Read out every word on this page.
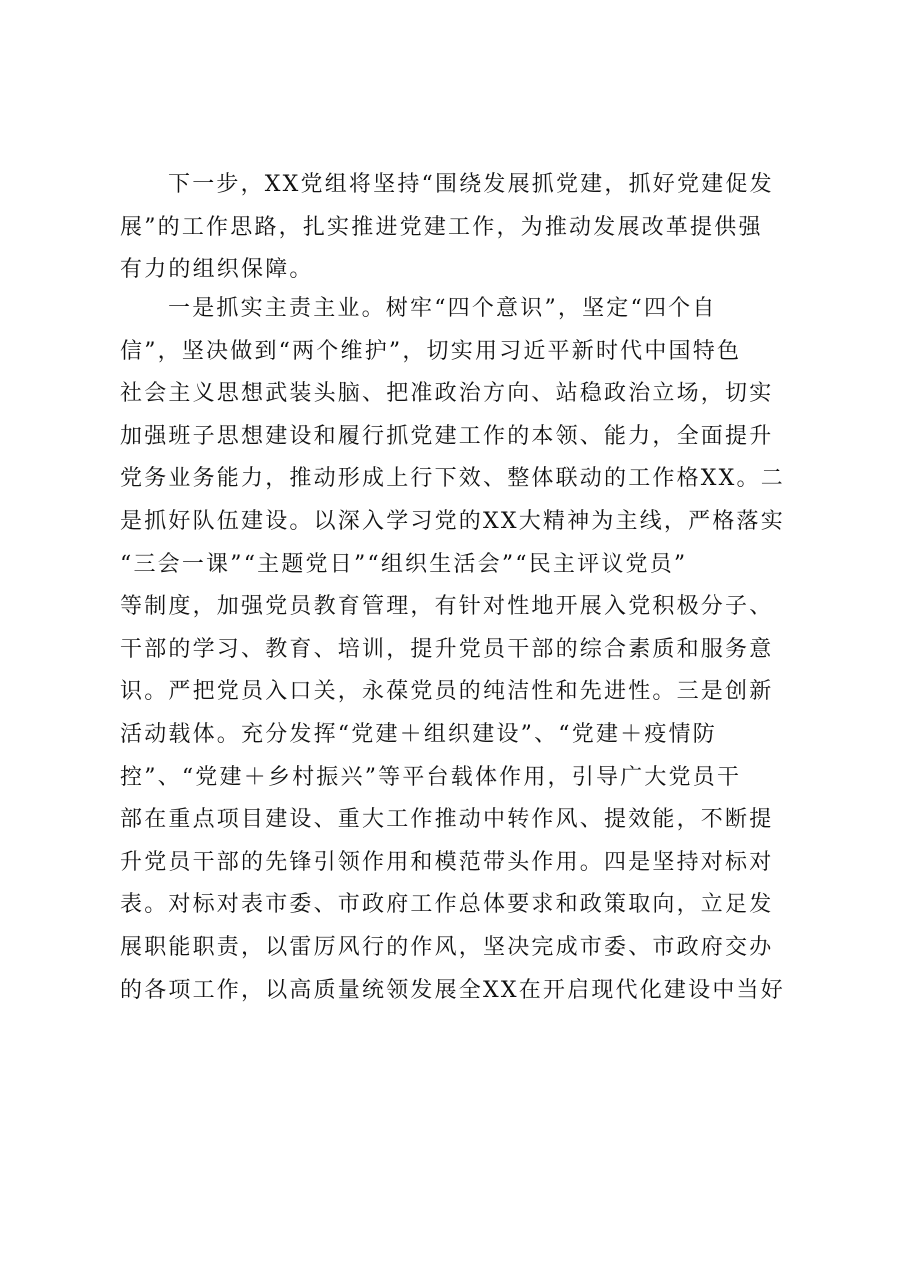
下一步，XX党组将坚持“围绕发展抓党建，抓好党建促发
展”的工作思路，扎实推进党建工作，为推动发展改革提供强
有力的组织保障。
一是抓实主责主业。树牢“四个意识”，坚定“四个自
信”，坚决做到“两个维护”，切实用习近平新时代中国特色
社会主义思想武装头脑、把准政治方向、站稳政治立场，切实
加强班子思想建设和履行抓党建工作的本领、能力，全面提升
党务业务能力，推动形成上行下效、整体联动的工作格XX。二
是抓好队伍建设。以深入学习党的XX大精神为主线，严格落实
“三会一课”“主题党日”“组织生活会”“民主评议党员”
等制度，加强党员教育管理，有针对性地开展入党积极分子、
干部的学习、教育、培训，提升党员干部的综合素质和服务意
识。严把党员入口关，永葆党员的纯洁性和先进性。三是创新
活动载体。充分发挥“党建＋组织建设”、“党建＋疫情防
控”、“党建＋乡村振兴”等平台载体作用，引导广大党员干
部在重点项目建设、重大工作推动中转作风、提效能，不断提
升党员干部的先锋引领作用和模范带头作用。四是坚持对标对
表。对标对表市委、市政府工作总体要求和政策取向，立足发
展职能职责，以雷厉风行的作风，坚决完成市委、市政府交办
的各项工作，以高质量统领发展全XX在开启现代化建设中当好
